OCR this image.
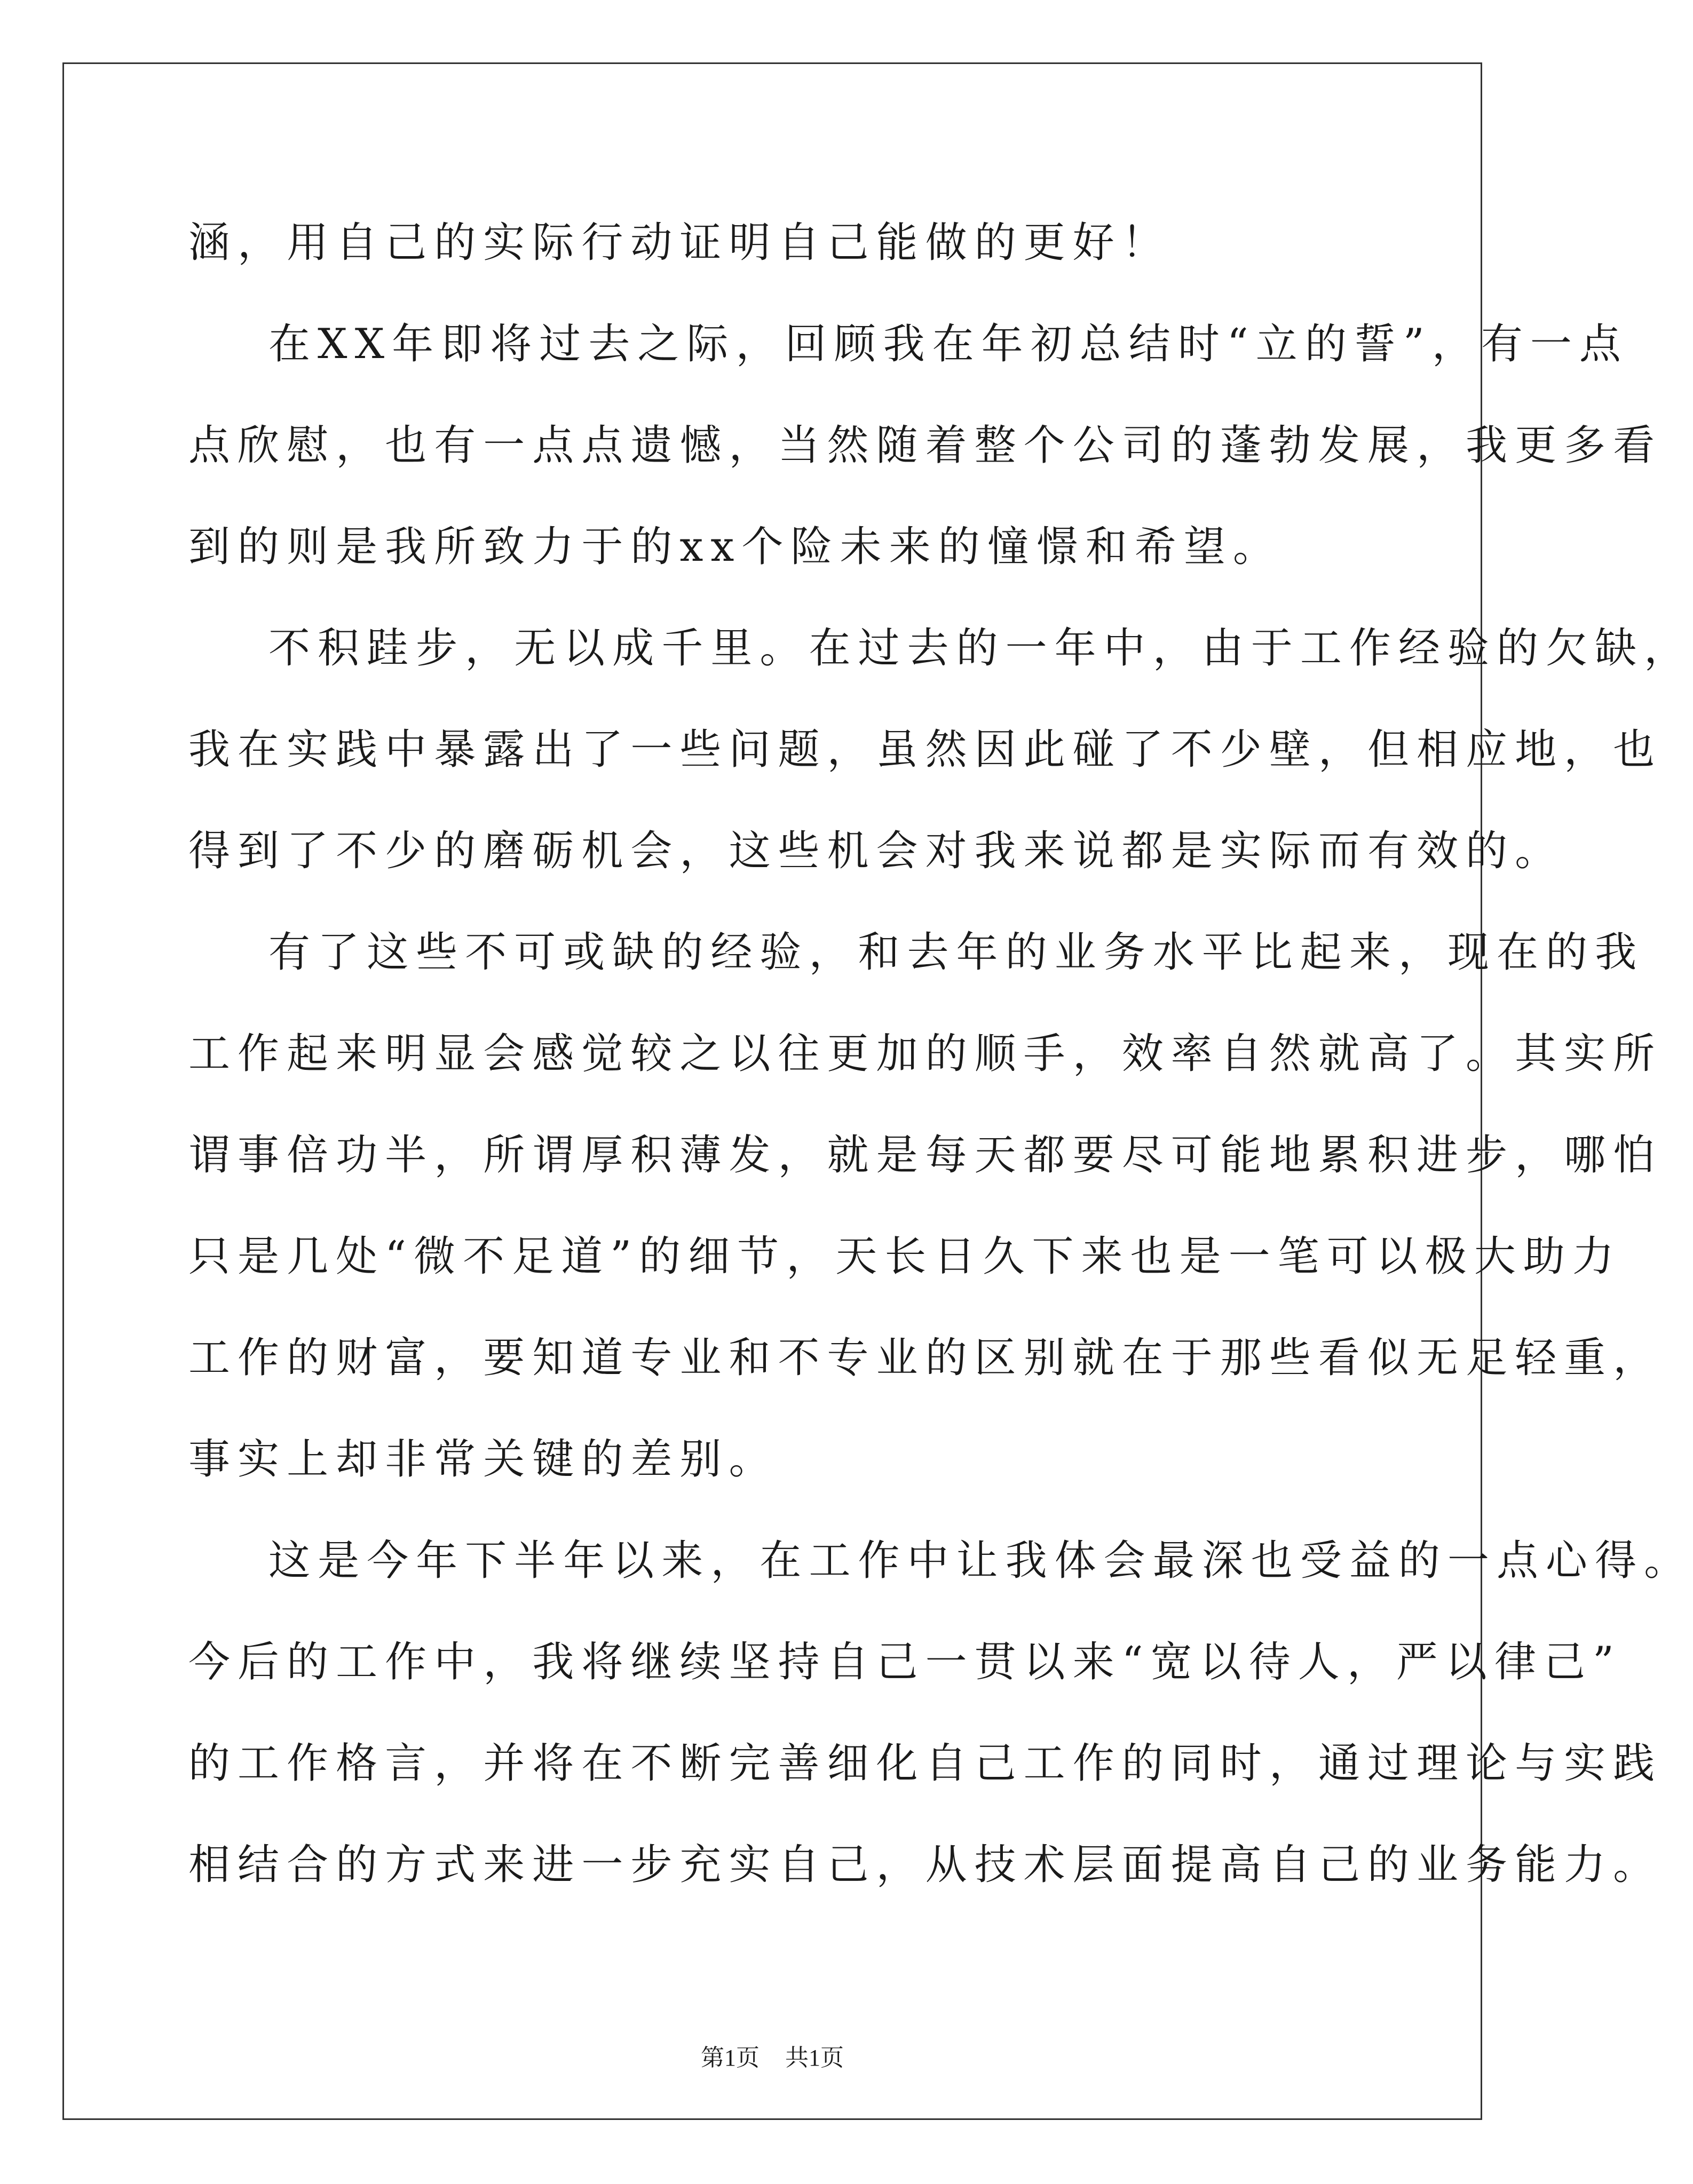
涵，用自己的实际行动证明自己能做的更好！
在XX年即将过去之际，回顾我在年初总结时“立的誓”，有一点
点欣慰，也有一点点遗憾，当然随着整个公司的蓬勃发展，我更多看
到的则是我所致力于的xx个险未来的憧憬和希望。
不积跬步，无以成千里。在过去的一年中，由于工作经验的欠缺，
我在实践中暴露出了一些问题，虽然因此碰了不少壁，但相应地，也
得到了不少的磨砺机会，这些机会对我来说都是实际而有效的。
有了这些不可或缺的经验，和去年的业务水平比起来，现在的我
工作起来明显会感觉较之以往更加的顺手，效率自然就高了。其实所
谓事倍功半，所谓厚积薄发，就是每天都要尽可能地累积进步，哪怕
只是几处“微不足道”的细节，天长日久下来也是一笔可以极大助力
工作的财富，要知道专业和不专业的区别就在于那些看似无足轻重，
事实上却非常关键的差别。
这是今年下半年以来，在工作中让我体会最深也受益的一点心得。
今后的工作中，我将继续坚持自己一贯以来“宽以待人，严以律己”
的工作格言，并将在不断完善细化自己工作的同时，通过理论与实践
相结合的方式来进一步充实自己，从技术层面提高自己的业务能力。
第1页 共1页
